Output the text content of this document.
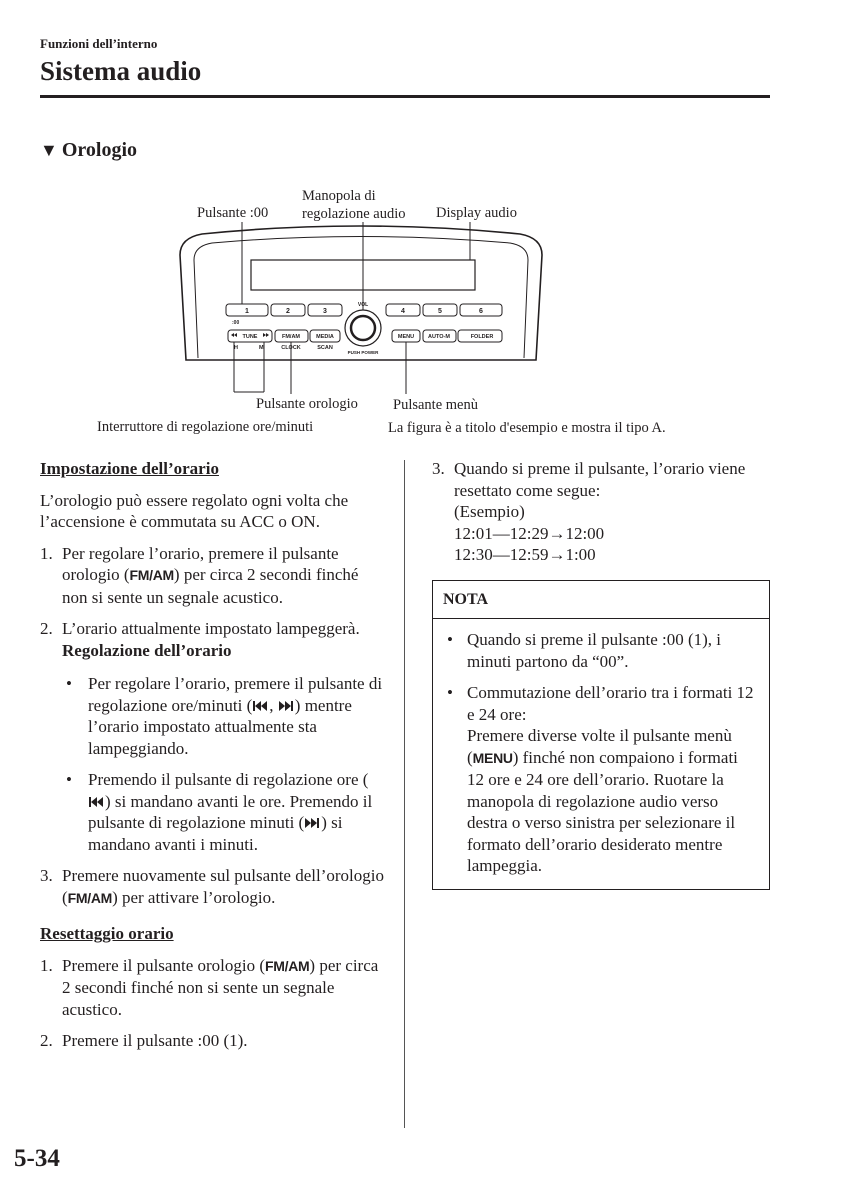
Funzioni dell’interno
Sistema audio
▼ Orologio
Pulsante :00
Manopola di
regolazione audio Display audio
Pulsante orologio Pulsante menù
Interruttore di regolazione ore/minuti
1
:00
2	3	4	5	6
TUNE	FM/AM	MEDIA	MENU	AUTO-M	FOLDER
H	M	CLOCK	SCAN
PUSH POWER
VOL
La figura è a titolo d'esempio e mostra il tipo A.

Impostazione dell’orario

L’orologio può essere regolato ogni volta che l’accensione è commutata su ACC o ON.

1. Per regolare l’orario, premere il pulsante orologio (FM/AM) per circa 2 secondi finché non si sente un segnale acustico.
2. L’orario attualmente impostato lampeggerà.
Regolazione dell’orario
• Per regolare l’orario, premere il pulsante di regolazione ore/minuti ( , ) mentre l’orario impostato attualmente sta lampeggiando.
• Premendo il pulsante di regolazione ore () si mandano avanti le ore. Premendo il pulsante di regolazione minuti ( ) si mandano avanti i minuti.
3. Premere nuovamente sul pulsante dell’orologio (FM/AM) per attivare l’orologio.

Resettaggio orario

1. Premere il pulsante orologio (FM/AM) per circa 2 secondi finché non si sente un segnale acustico.
2. Premere il pulsante :00 (1).
3. Quando si preme il pulsante, l’orario viene resettato come segue:
(Esempio)
12:01—12:29→12:00
12:30—12:59→1:00
NOTA
• Quando si preme il pulsante :00 (1), i minuti partono da “00”.
• Commutazione dell’orario tra i formati 12 e 24 ore:
Premere diverse volte il pulsante menù (MENU) finché non compaiono i formati 12 ore e 24 ore dell’orario. Ruotare la manopola di regolazione audio verso destra o verso sinistra per selezionare il formato dell’orario desiderato mentre lampeggia.
5-34
